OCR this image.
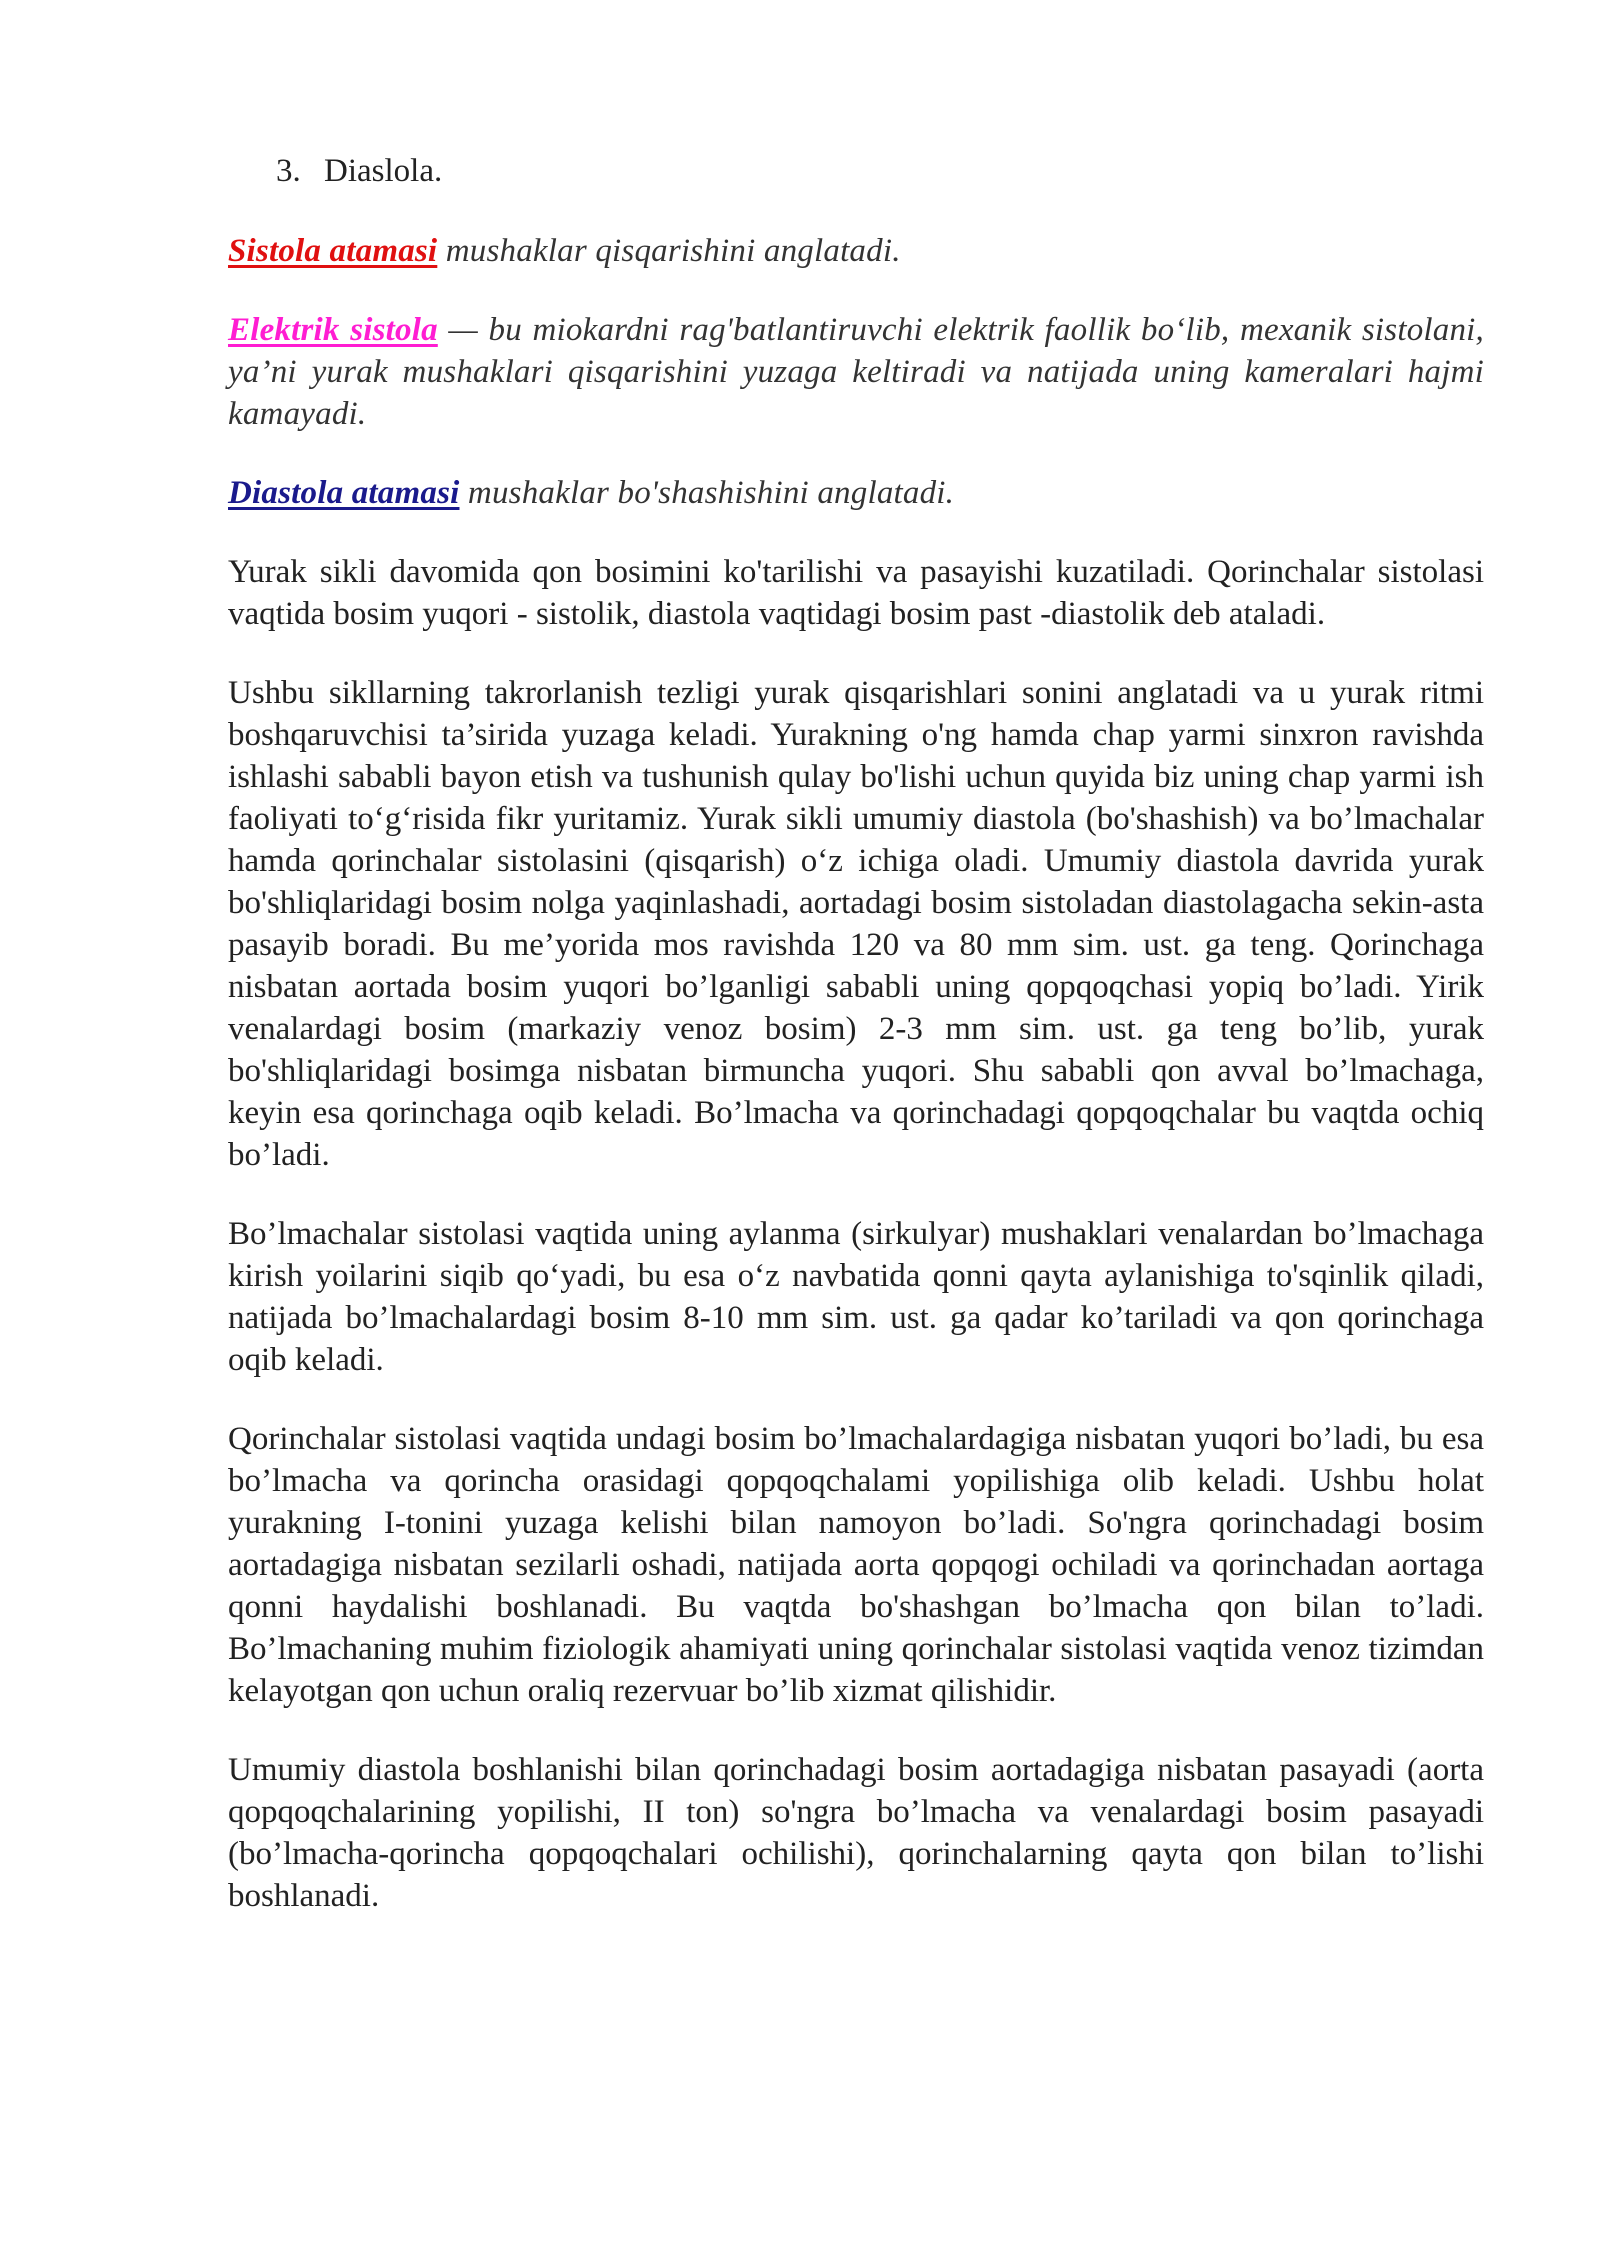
3. Diaslola.

Sistola atamasi mushaklar qisqarishini anglatadi.

Elektrik sistola — bu miokardni rag'batlantiruvchi elektrik faollik bo‘lib, mexanik sistolani, ya’ni yurak mushaklari qisqarishini yuzaga keltiradi va natijada uning kameralari hajmi kamayadi.

Diastola atamasi mushaklar bo'shashishini anglatadi.

Yurak sikli davomida qon bosimini ko'tarilishi va pasayishi kuzatiladi. Qorinchalar sistolasi vaqtida bosim yuqori - sistolik, diastola vaqtidagi bosim past -diastolik deb ataladi.

Ushbu sikllarning takrorlanish tezligi yurak qisqarishlari sonini anglatadi va u yurak ritmi boshqaruvchisi ta’sirida yuzaga keladi. Yurakning o'ng hamda chap yarmi sinxron ravishda ishlashi sababli bayon etish va tushunish qulay bo'lishi uchun quyida biz uning chap yarmi ish faoliyati to‘g‘risida fikr yuritamiz. Yurak sikli umumiy diastola (bo'shashish) va bo’lmachalar hamda qorinchalar sistolasini (qisqarish) o‘z ichiga oladi. Umumiy diastola davrida yurak bo'shliqlaridagi bosim nolga yaqinlashadi, aortadagi bosim sistoladan diastolagacha sekin-asta pasayib boradi. Bu me’yorida mos ravishda 120 va 80 mm sim. ust. ga teng. Qorinchaga nisbatan aortada bosim yuqori bo’lganligi sababli uning qopqoqchasi yopiq bo’ladi. Yirik venalardagi bosim (markaziy venoz bosim) 2-3 mm sim. ust. ga teng bo’lib, yurak bo'shliqlaridagi bosimga nisbatan birmuncha yuqori. Shu sababli qon avval bo’lmachaga, keyin esa qorinchaga oqib keladi. Bo’lmacha va qorinchadagi qopqoqchalar bu vaqtda ochiq bo’ladi.

Bo’lmachalar sistolasi vaqtida uning aylanma (sirkulyar) mushaklari venalardan bo’lmachaga kirish yoilarini siqib qo‘yadi, bu esa o‘z navbatida qonni qayta aylanishiga to'sqinlik qiladi, natijada bo’lmachalardagi bosim 8-10 mm sim. ust. ga qadar ko’tariladi va qon qorinchaga oqib keladi.

Qorinchalar sistolasi vaqtida undagi bosim bo’lmachalardagiga nisbatan yuqori bo’ladi, bu esa bo’lmacha va qorincha orasidagi qopqoqchalami yopilishiga olib keladi. Ushbu holat yurakning I-tonini yuzaga kelishi bilan namoyon bo’ladi. So'ngra qorinchadagi bosim aortadagiga nisbatan sezilarli oshadi, natijada aorta qopqogi ochiladi va qorinchadan aortaga qonni haydalishi boshlanadi. Bu vaqtda bo'shashgan bo’lmacha qon bilan to’ladi. Bo’lmachaning muhim fiziologik ahamiyati uning qorinchalar sistolasi vaqtida venoz tizimdan kelayotgan qon uchun oraliq rezervuar bo’lib xizmat qilishidir.

Umumiy diastola boshlanishi bilan qorinchadagi bosim aortadagiga nisbatan pasayadi (aorta qopqoqchalarining yopilishi, II ton) so'ngra bo’lmacha va venalardagi bosim pasayadi (bo’lmacha-qorincha qopqoqchalari ochilishi), qorinchalarning qayta qon bilan to’lishi boshlanadi.
